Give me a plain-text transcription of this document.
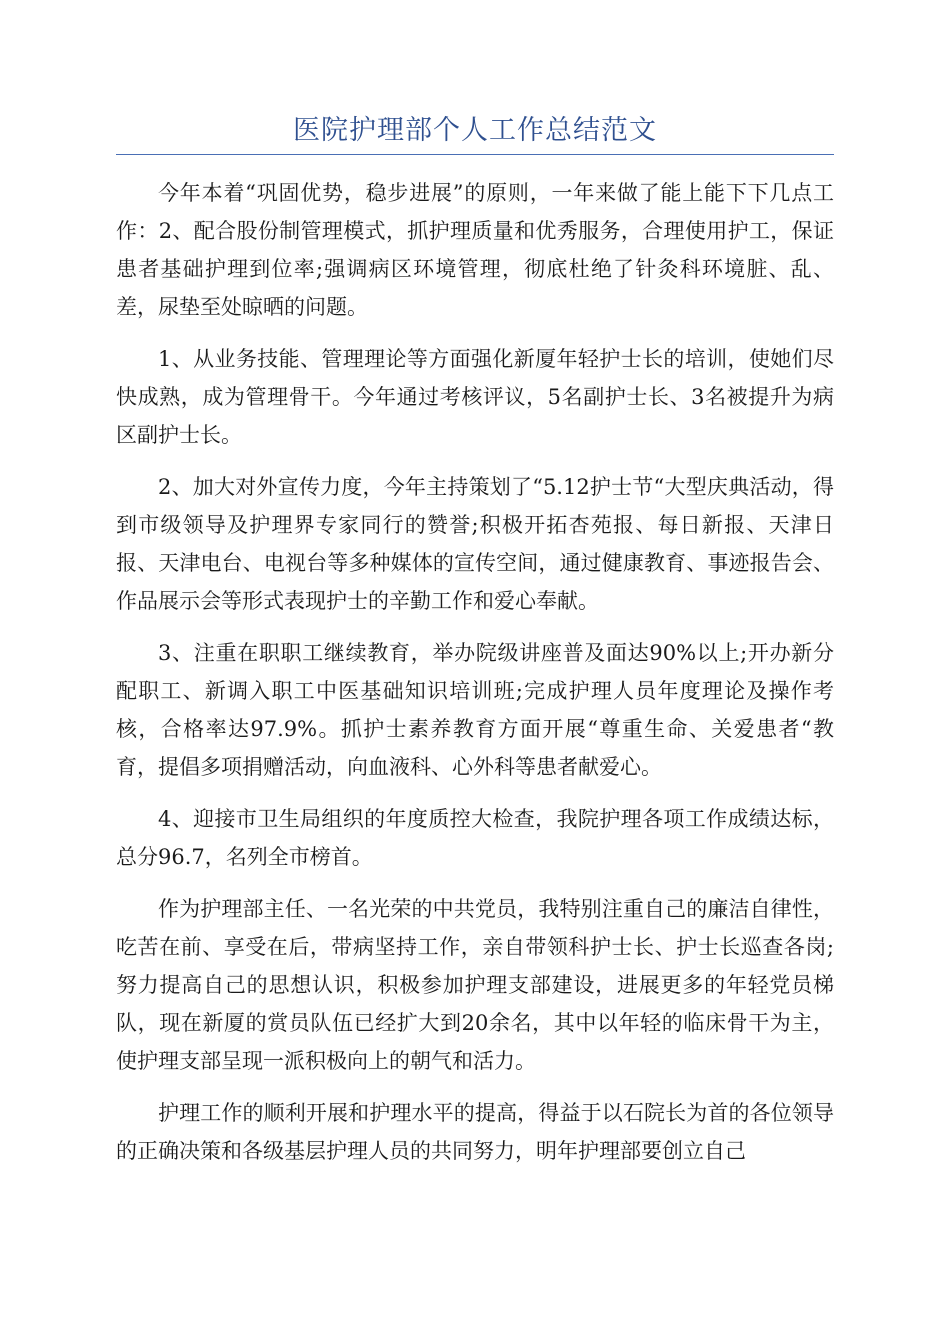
医院护理部个人工作总结范文

今年本着“巩固优势，稳步进展”的原则，一年来做了能上能下下几点工作：2、配合股份制管理模式，抓护理质量和优秀服务，合理使用护工，保证患者基础护理到位率;强调病区环境管理，彻底杜绝了针灸科环境脏、乱、差，尿垫至处晾晒的问题。

1、从业务技能、管理理论等方面强化新厦年轻护士长的培训，使她们尽快成熟，成为管理骨干。今年通过考核评议，5名副护士长、3名被提升为病区副护士长。

2、加大对外宣传力度，今年主持策划了“5.12护士节“大型庆典活动，得到市级领导及护理界专家同行的赞誉;积极开拓杏苑报、每日新报、天津日报、天津电台、电视台等多种媒体的宣传空间，通过健康教育、事迹报告会、作品展示会等形式表现护士的辛勤工作和爱心奉献。

3、注重在职职工继续教育，举办院级讲座普及面达90%以上;开办新分配职工、新调入职工中医基础知识培训班;完成护理人员年度理论及操作考核，合格率达97.9%。抓护士素养教育方面开展“尊重生命、关爱患者“教育，提倡多项捐赠活动，向血液科、心外科等患者献爱心。

4、迎接市卫生局组织的年度质控大检查，我院护理各项工作成绩达标，总分96.7，名列全市榜首。

作为护理部主任、一名光荣的中共党员，我特别注重自己的廉洁自律性，吃苦在前、享受在后，带病坚持工作，亲自带领科护士长、护士长巡查各岗;努力提高自己的思想认识，积极参加护理支部建设，进展更多的年轻党员梯队，现在新厦的赏员队伍已经扩大到20余名，其中以年轻的临床骨干为主，使护理支部呈现一派积极向上的朝气和活力。

护理工作的顺利开展和护理水平的提高，得益于以石院长为首的各位领导的正确决策和各级基层护理人员的共同努力，明年护理部要创立自己
